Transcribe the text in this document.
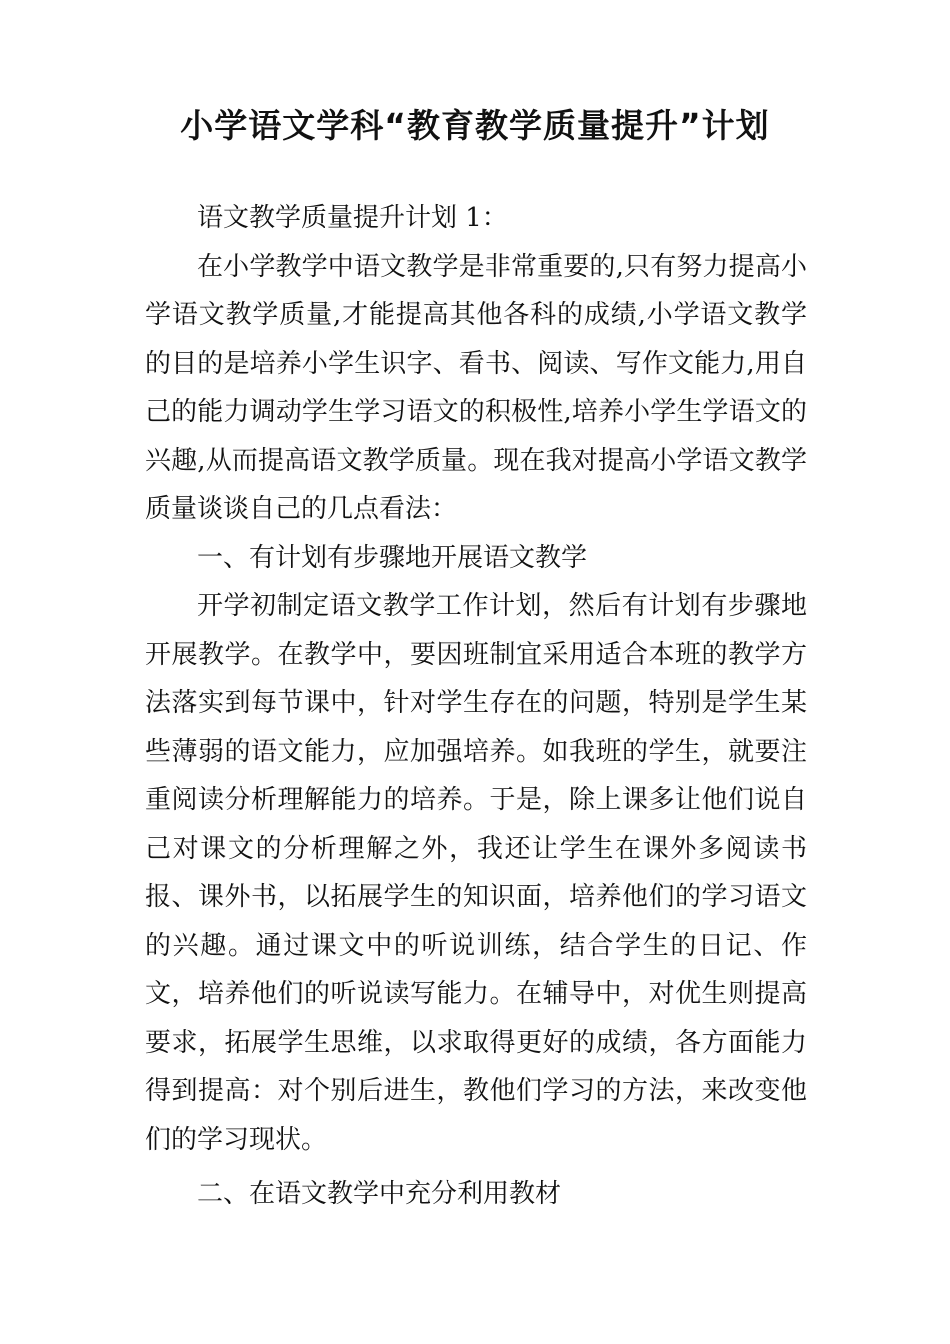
小学语文学科“教育教学质量提升”计划

语文教学质量提升计划 1：

在小学教学中语文教学是非常重要的,只有努力提高小学语文教学质量,才能提高其他各科的成绩,小学语文教学的目的是培养小学生识字、看书、阅读、写作文能力,用自己的能力调动学生学习语文的积极性,培养小学生学语文的兴趣,从而提高语文教学质量。现在我对提高小学语文教学质量谈谈自己的几点看法：

一、有计划有步骤地开展语文教学

开学初制定语文教学工作计划，然后有计划有步骤地开展教学。在教学中，要因班制宜采用适合本班的教学方法落实到每节课中，针对学生存在的问题，特别是学生某些薄弱的语文能力，应加强培养。如我班的学生，就要注重阅读分析理解能力的培养。于是，除上课多让他们说自己对课文的分析理解之外，我还让学生在课外多阅读书报、课外书，以拓展学生的知识面，培养他们的学习语文的兴趣。通过课文中的听说训练，结合学生的日记、作文，培养他们的听说读写能力。在辅导中，对优生则提高要求，拓展学生思维，以求取得更好的成绩，各方面能力得到提高：对个别后进生，教他们学习的方法，来改变他们的学习现状。

二、在语文教学中充分利用教材
